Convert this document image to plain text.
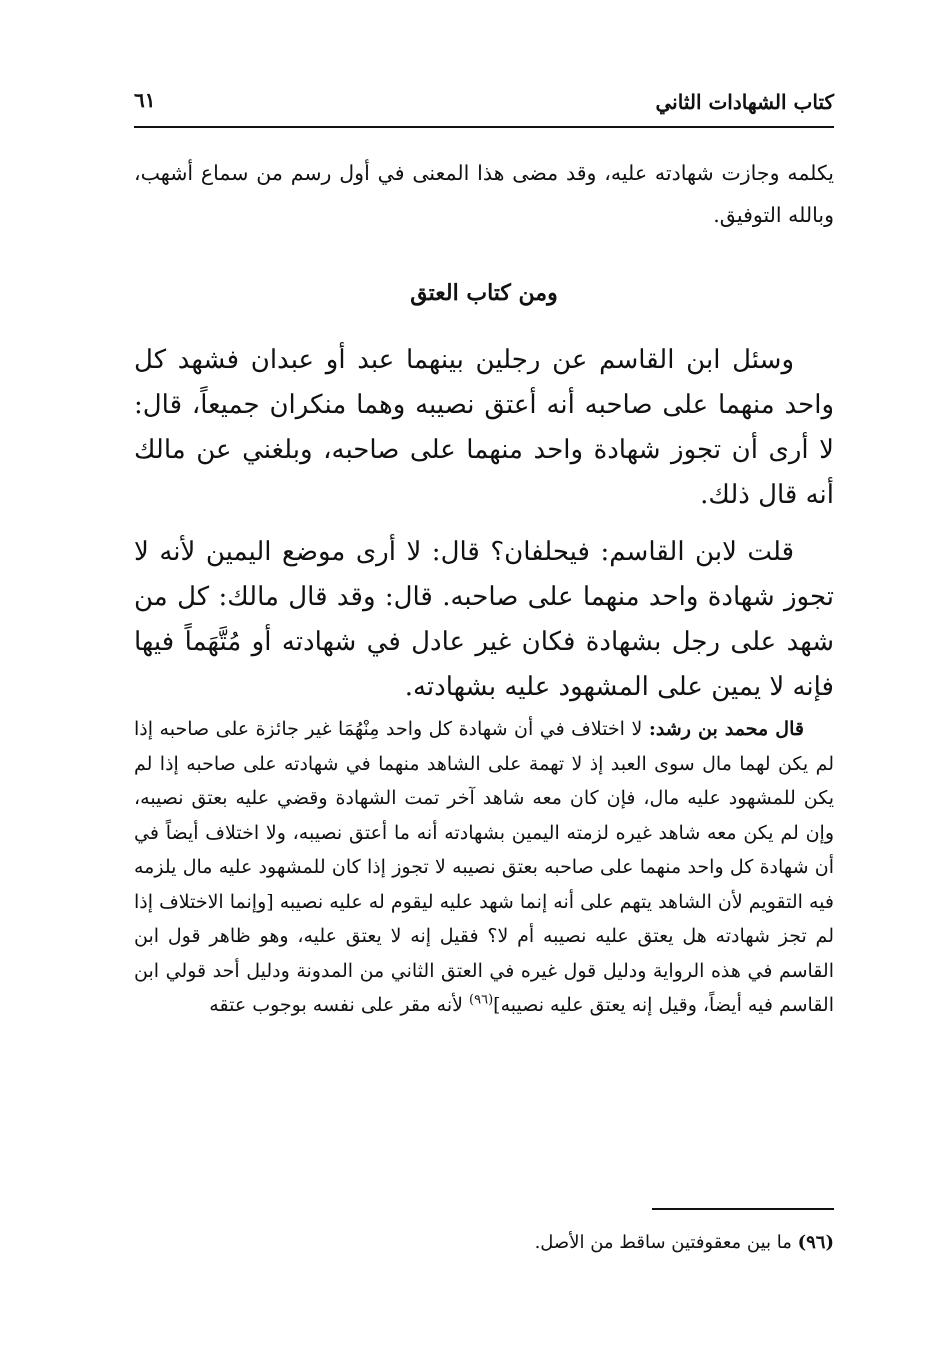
كتاب الشهادات الثاني
٦١

يكلمه وجازت شهادته عليه، وقد مضى هذا المعنى في أول رسم من سماع أشهب، وبالله التوفيق.

ومن كتاب العتق

وسئل ابن القاسم عن رجلين بينهما عبد أو عبدان فشهد كل واحد منهما على صاحبه أنه أعتق نصيبه وهما منكران جميعاً، قال: لا أرى أن تجوز شهادة واحد منهما على صاحبه، وبلغني عن مالك أنه قال ذلك.

قلت لابن القاسم: فيحلفان؟ قال: لا أرى موضع اليمين لأنه لا تجوز شهادة واحد منهما على صاحبه. قال: وقد قال مالك: كل من شهد على رجل بشهادة فكان غير عادل في شهادته أو مُتَّهَماً فيها فإنه لا يمين على المشهود عليه بشهادته.

قال محمد بن رشد: لا اختلاف في أن شهادة كل واحد مِنْهُمَا غير جائزة على صاحبه إذا لم يكن لهما مال سوى العبد إذ لا تهمة على الشاهد منهما في شهادته على صاحبه إذا لم يكن للمشهود عليه مال، فإن كان معه شاهد آخر تمت الشهادة وقضي عليه بعتق نصيبه، وإن لم يكن معه شاهد غيره لزمته اليمين بشهادته أنه ما أعتق نصيبه، ولا اختلاف أيضاً في أن شهادة كل واحد منهما على صاحبه بعتق نصيبه لا تجوز إذا كان للمشهود عليه مال يلزمه فيه التقويم لأن الشاهد يتهم على أنه إنما شهد عليه ليقوم له عليه نصيبه [وإنما الاختلاف إذا لم تجز شهادته هل يعتق عليه نصيبه أم لا؟ فقيل إنه لا يعتق عليه، وهو ظاهر قول ابن القاسم في هذه الرواية ودليل قول غيره في العتق الثاني من المدونة ودليل أحد قولي ابن القاسم فيه أيضاً، وقيل إنه يعتق عليه نصيبه]$^{(٩٦)}$ لأنه مقر على نفسه بوجوب عتقه

(٩٦) ما بين معقوفتين ساقط من الأصل.
